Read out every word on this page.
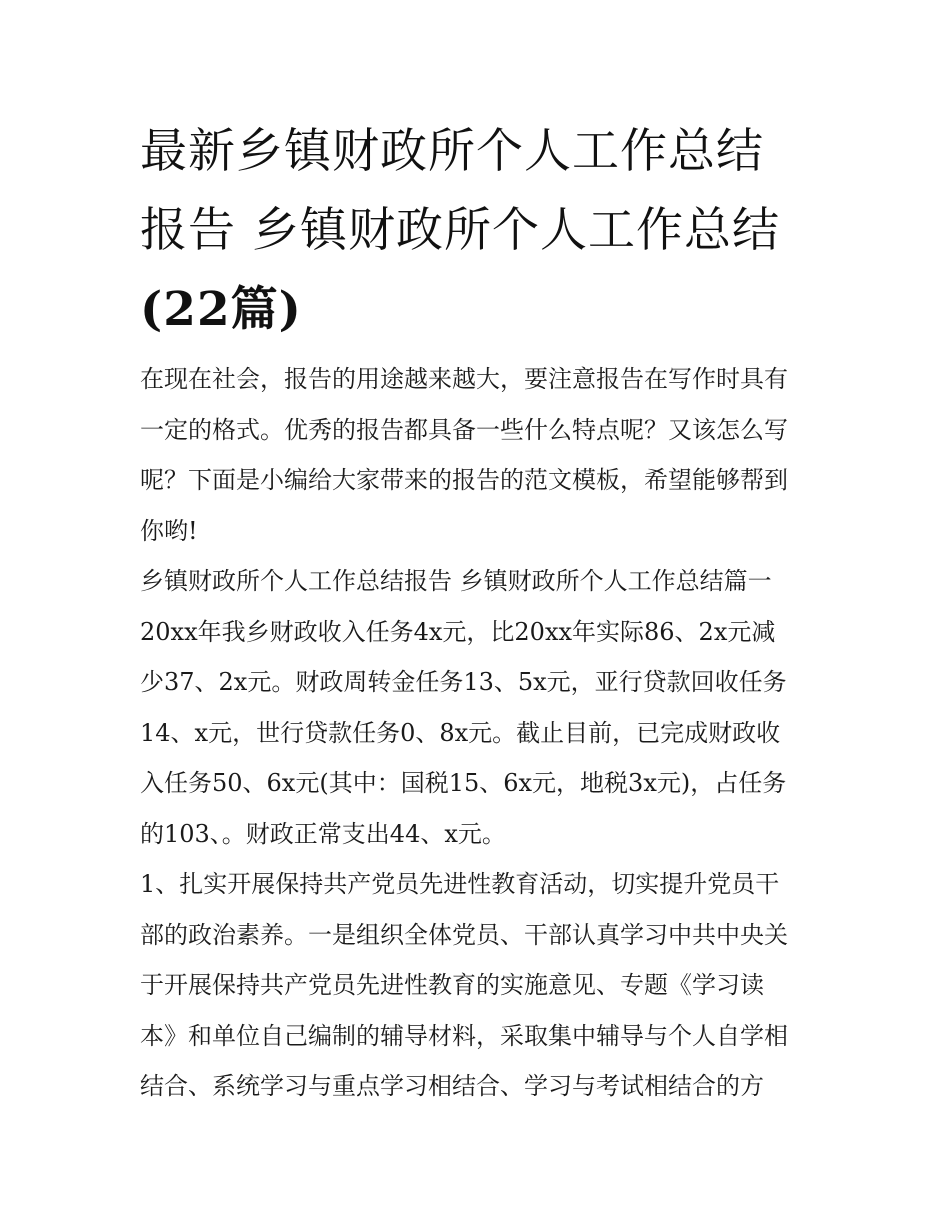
最新乡镇财政所个人工作总结
报告 乡镇财政所个人工作总结
(22篇)
在现在社会，报告的用途越来越大，要注意报告在写作时具有
一定的格式。优秀的报告都具备一些什么特点呢？又该怎么写
呢？下面是小编给大家带来的报告的范文模板，希望能够帮到
你哟!
乡镇财政所个人工作总结报告 乡镇财政所个人工作总结篇一
20xx年我乡财政收入任务4x元，比20xx年实际86、2x元减
少37、2x元。财政周转金任务13、5x元，亚行贷款回收任务
14、x元，世行贷款任务0、8x元。截止目前，已完成财政收
入任务50、6x元(其中：国税15、6x元，地税3x元)，占任务
的103、。财政正常支出44、x元。
1、扎实开展保持共产党员先进性教育活动，切实提升党员干
部的政治素养。一是组织全体党员、干部认真学习中共中央关
于开展保持共产党员先进性教育的实施意见、专题《学习读
本》和单位自己编制的辅导材料，采取集中辅导与个人自学相
结合、系统学习与重点学习相结合、学习与考试相结合的方
